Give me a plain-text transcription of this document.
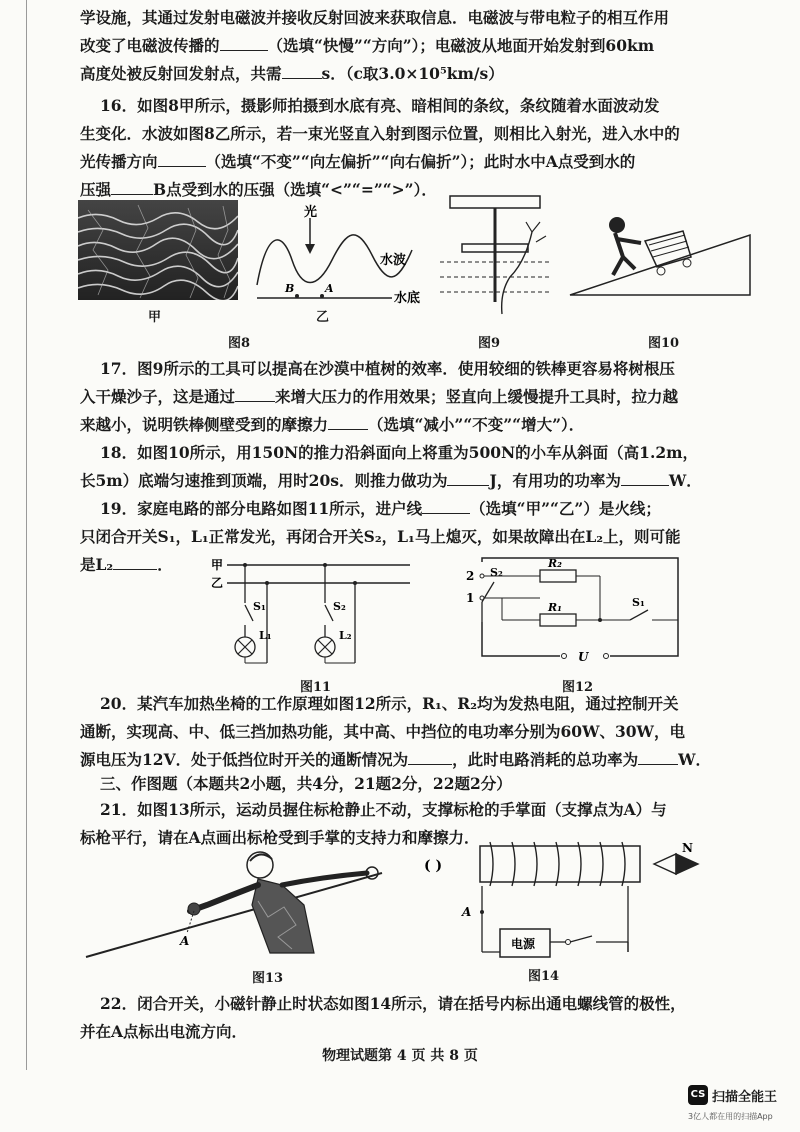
学设施，其通过发射电磁波并接收反射回波来获取信息．电磁波与带电粒子的相互作用

改变了电磁波传播的	（选填“快慢”“方向”）；电磁波从地面开始发射到60km

高度处被反射回发射点，共需	s．（c取3.0×10⁵km/s）

16．如图8甲所示，摄影师拍摄到水底有亮、暗相间的条纹，条纹随着水面波动发

生变化．水波如图8乙所示，若一束光竖直入射到图示位置，则相比入射光，进入水中的

光传播方向	（选填“不变”“向左偏折”“向右偏折”）；此时水中A点受到水的

压强	B点受到水的压强（选填“<”“=”“>”）．

甲
光
水波
水底
B	A
乙
图8	图9	图10

17．图9所示的工具可以提高在沙漠中植树的效率．使用较细的铁棒更容易将树根压

入干燥沙子，这是通过	来增大压力的作用效果；竖直向上缓慢提升工具时，拉力越

来越小，说明铁棒侧壁受到的摩擦力	（选填“减小”“不变”“增大”）．

18．如图10所示，用150N的推力沿斜面向上将重为500N的小车从斜面（高1.2m，

长5m）底端匀速推到顶端，用时20s．则推力做功为	J，有用功的功率为	W．

19．家庭电路的部分电路如图11所示，进户线	（选填“甲”“乙”）是火线；

只闭合开关S₁，L₁正常发光，再闭合开关S₂，L₁马上熄灭，如果故障出在L₂上，则可能

是L₂	．	甲
乙
S₁
L₁
S₂
L₂
图11
2
1
S₂
R₂
R₁	S₁
U
图12

20．某汽车加热坐椅的工作原理如图12所示，R₁、R₂均为发热电阻，通过控制开关

通断，实现高、中、低三挡加热功能，其中高、中挡位的电功率分别为60W、30W，电

源电压为12V．处于低挡位时开关的通断情况为	，此时电路消耗的总功率为	W．

三、作图题（本题共2小题，共4分，21题2分，22题2分）

21．如图13所示，运动员握住标枪静止不动，支撑标枪的手掌面（支撑点为A）与

标枪平行，请在A点画出标枪受到手掌的支持力和摩擦力．

A
图13
( )
A
电源
N
图14

22．闭合开关，小磁针静止时状态如图14所示，请在括号内标出通电螺线管的极性，

并在A点标出电流方向．

物理试题第 4 页 共 8 页
CS 扫描全能王
3亿人都在用的扫描App
